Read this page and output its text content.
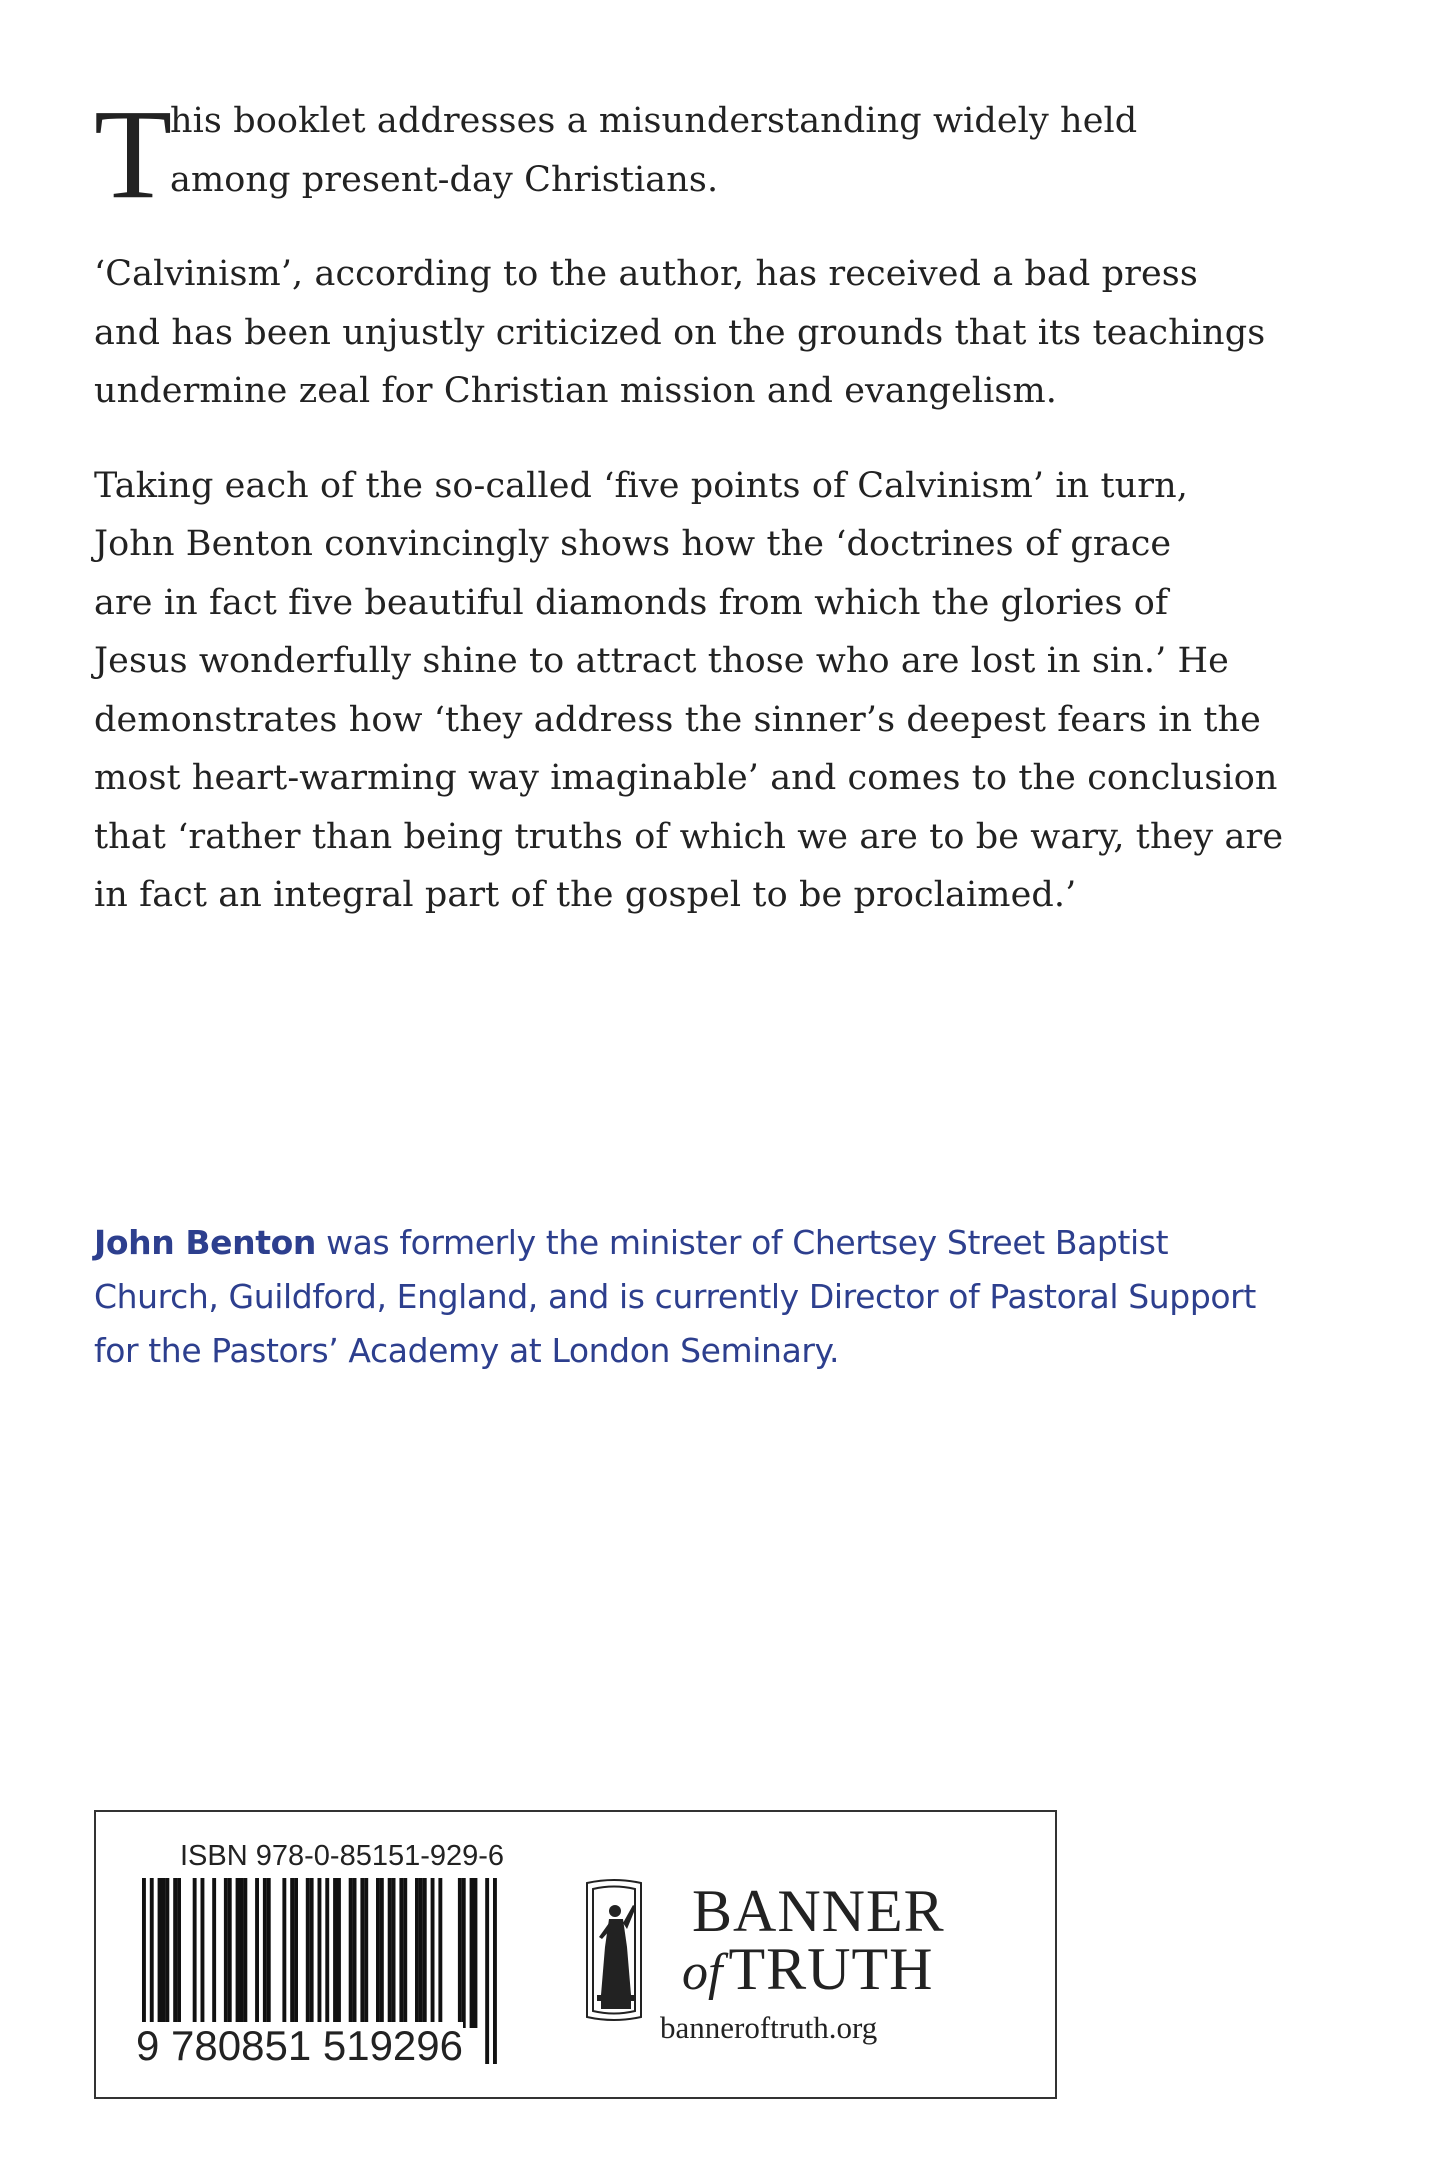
T
his booklet addresses a misunderstanding widely held
among present-day Christians.

‘Calvinism’, according to the author, has received a bad press
and has been unjustly criticized on the grounds that its teachings
undermine zeal for Christian mission and evangelism.

Taking each of the so-called ‘five points of Calvinism’ in turn,
John Benton convincingly shows how the ‘doctrines of grace
are in fact five beautiful diamonds from which the glories of
Jesus wonderfully shine to attract those who are lost in sin.’ He
demonstrates how ‘they address the sinner’s deepest fears in the
most heart-warming way imaginable’ and comes to the conclusion
that ‘rather than being truths of which we are to be wary, they are
in fact an integral part of the gospel to be proclaimed.’

John Benton was formerly the minister of Chertsey Street Baptist
Church, Guildford, England, and is currently Director of Pastoral Support
for the Pastors’ Academy at London Seminary.
ISBN 978-0-85151-929-6
9 780851 519296
BANNER
of TRUTH
banneroftruth.org
